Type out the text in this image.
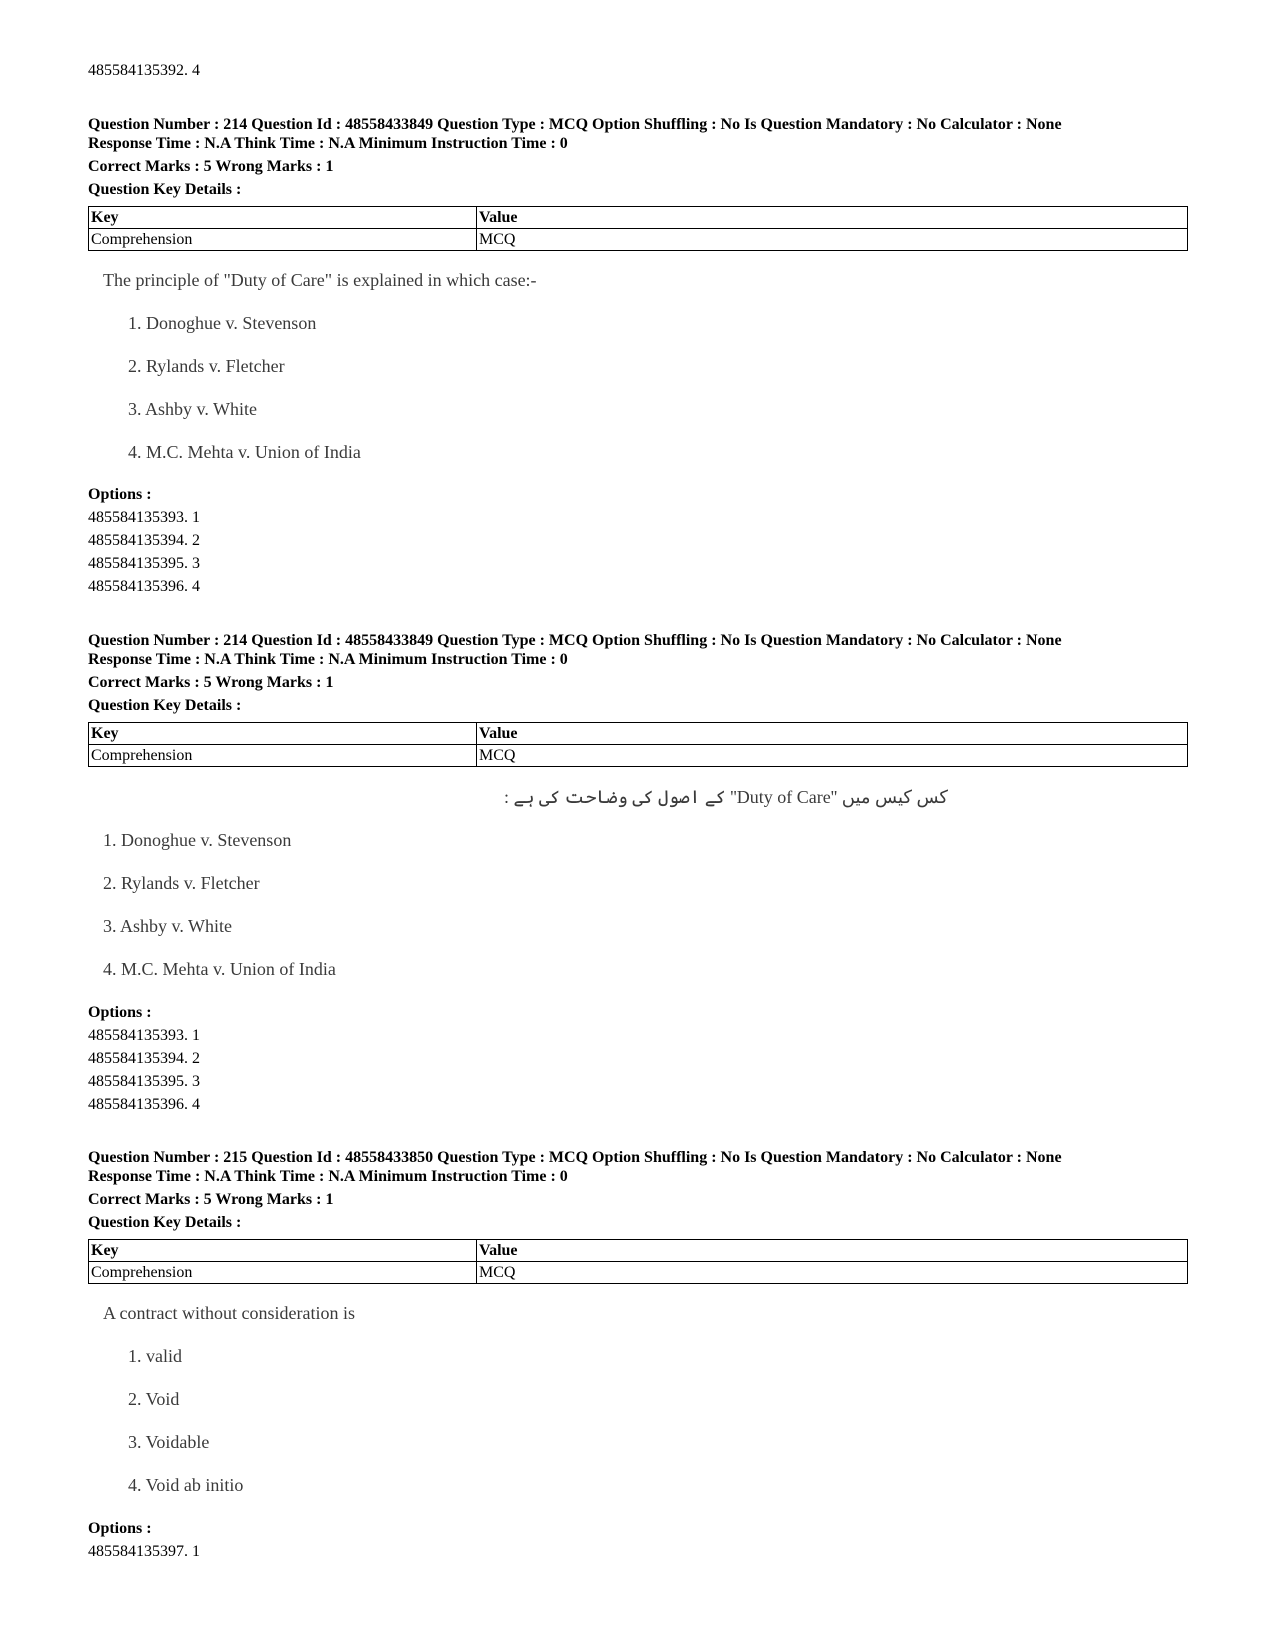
485584135392. 4
Question Number : 214 Question Id : 48558433849 Question Type : MCQ Option Shuffling : No Is Question Mandatory : No Calculator : None
Response Time : N.A Think Time : N.A Minimum Instruction Time : 0
Correct Marks : 5 Wrong Marks : 1
Question Key Details :
Key	Value
Comprehension	MCQ
The principle of "Duty of Care" is explained in which case:-
1. Donoghue v. Stevenson
2. Rylands v. Fletcher
3. Ashby v. White
4. M.C. Mehta v. Union of India
Options :
485584135393. 1
485584135394. 2
485584135395. 3
485584135396. 4
Question Number : 214 Question Id : 48558433849 Question Type : MCQ Option Shuffling : No Is Question Mandatory : No Calculator : None
Response Time : N.A Think Time : N.A Minimum Instruction Time : 0
Correct Marks : 5 Wrong Marks : 1
Question Key Details :
Key	Value
Comprehension	MCQ
کس کیس میں ''Duty of Care'' کے اصول کی وضاحت کی ہے :
1. Donoghue v. Stevenson
2. Rylands v. Fletcher
3. Ashby v. White
4. M.C. Mehta v. Union of India
Options :
485584135393. 1
485584135394. 2
485584135395. 3
485584135396. 4
Question Number : 215 Question Id : 48558433850 Question Type : MCQ Option Shuffling : No Is Question Mandatory : No Calculator : None
Response Time : N.A Think Time : N.A Minimum Instruction Time : 0
Correct Marks : 5 Wrong Marks : 1
Question Key Details :
Key	Value
Comprehension	MCQ
A contract without consideration is
1. valid
2. Void
3. Voidable
4. Void ab initio
Options :
485584135397. 1
